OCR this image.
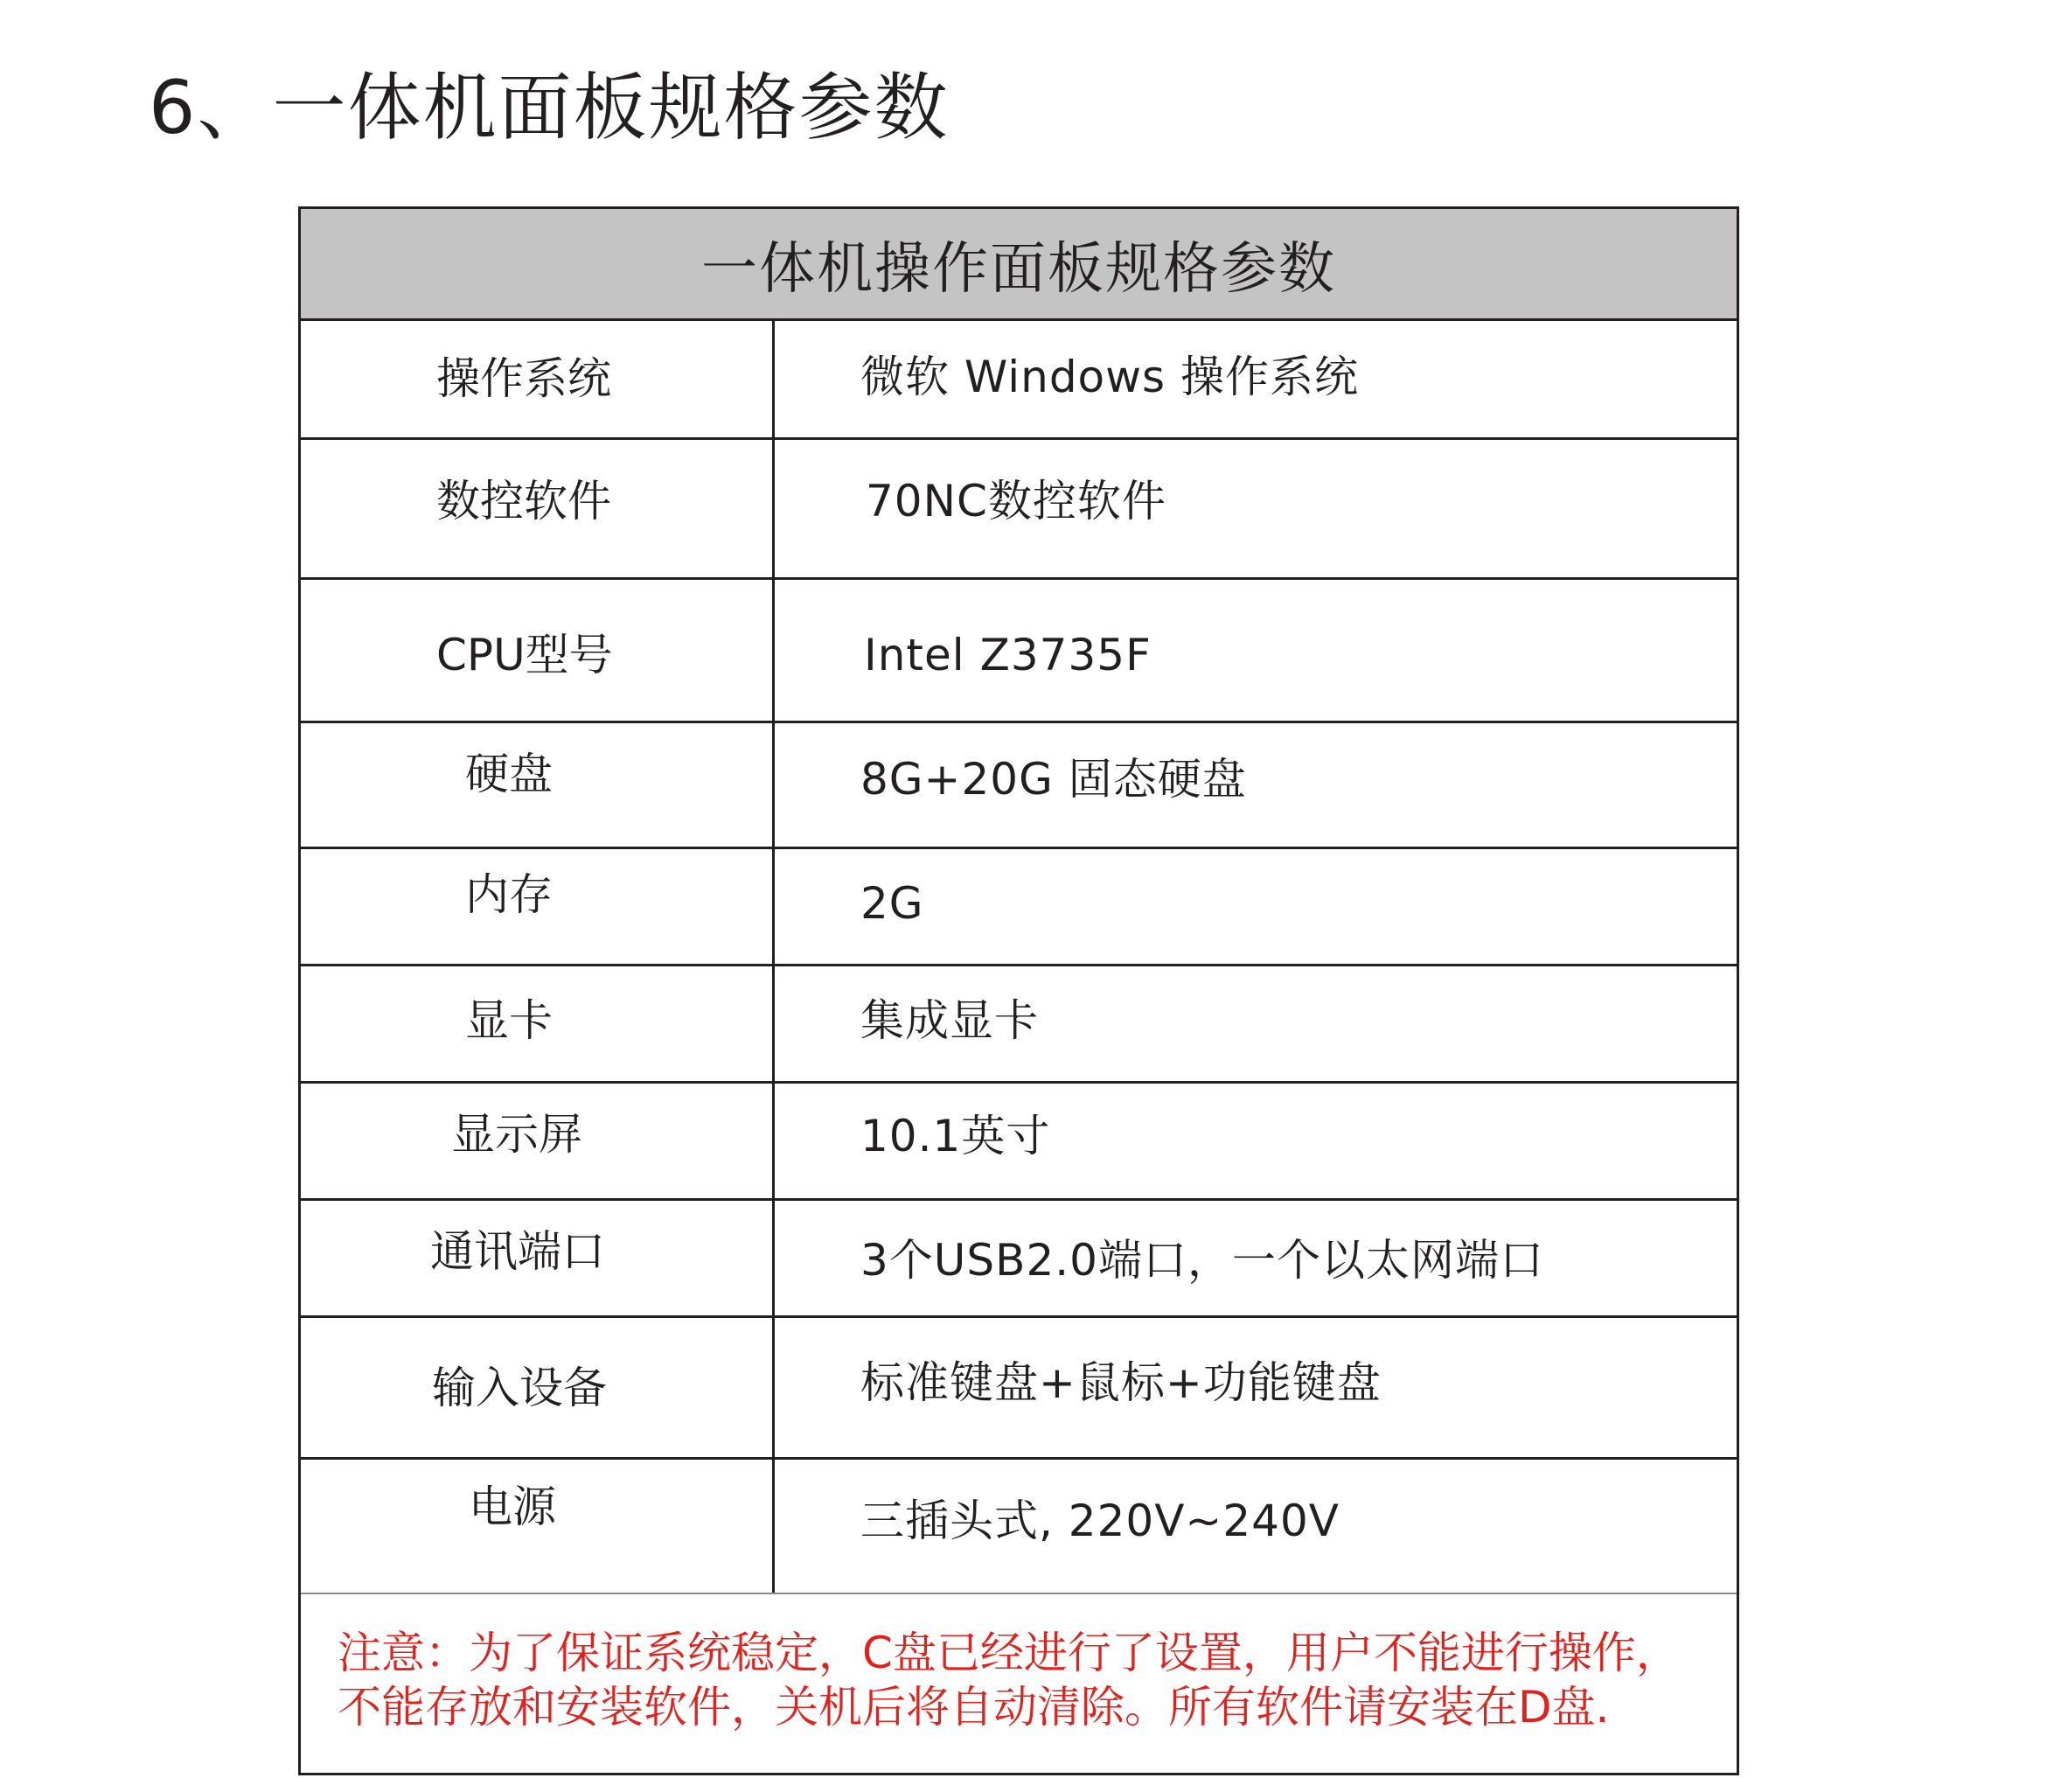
6、一体机面板规格参数
一体机操作面板规格参数
操作系统	微软 Windows 操作系统
数控软件	70NC数控软件
CPU型号	Intel Z3735F
硬盘	8G+20G 固态硬盘
内存	2G
显卡	集成显卡
显示屏	10.1英寸
通讯端口	3个USB2.0端口，一个以太网端口
输入设备	标准键盘+鼠标+功能键盘
电源	三插头式, 220V~240V
注意：为了保证系统稳定，C盘已经进行了设置，用户不能进行操作，
不能存放和安装软件，关机后将自动清除。所有软件请安装在D盘.
